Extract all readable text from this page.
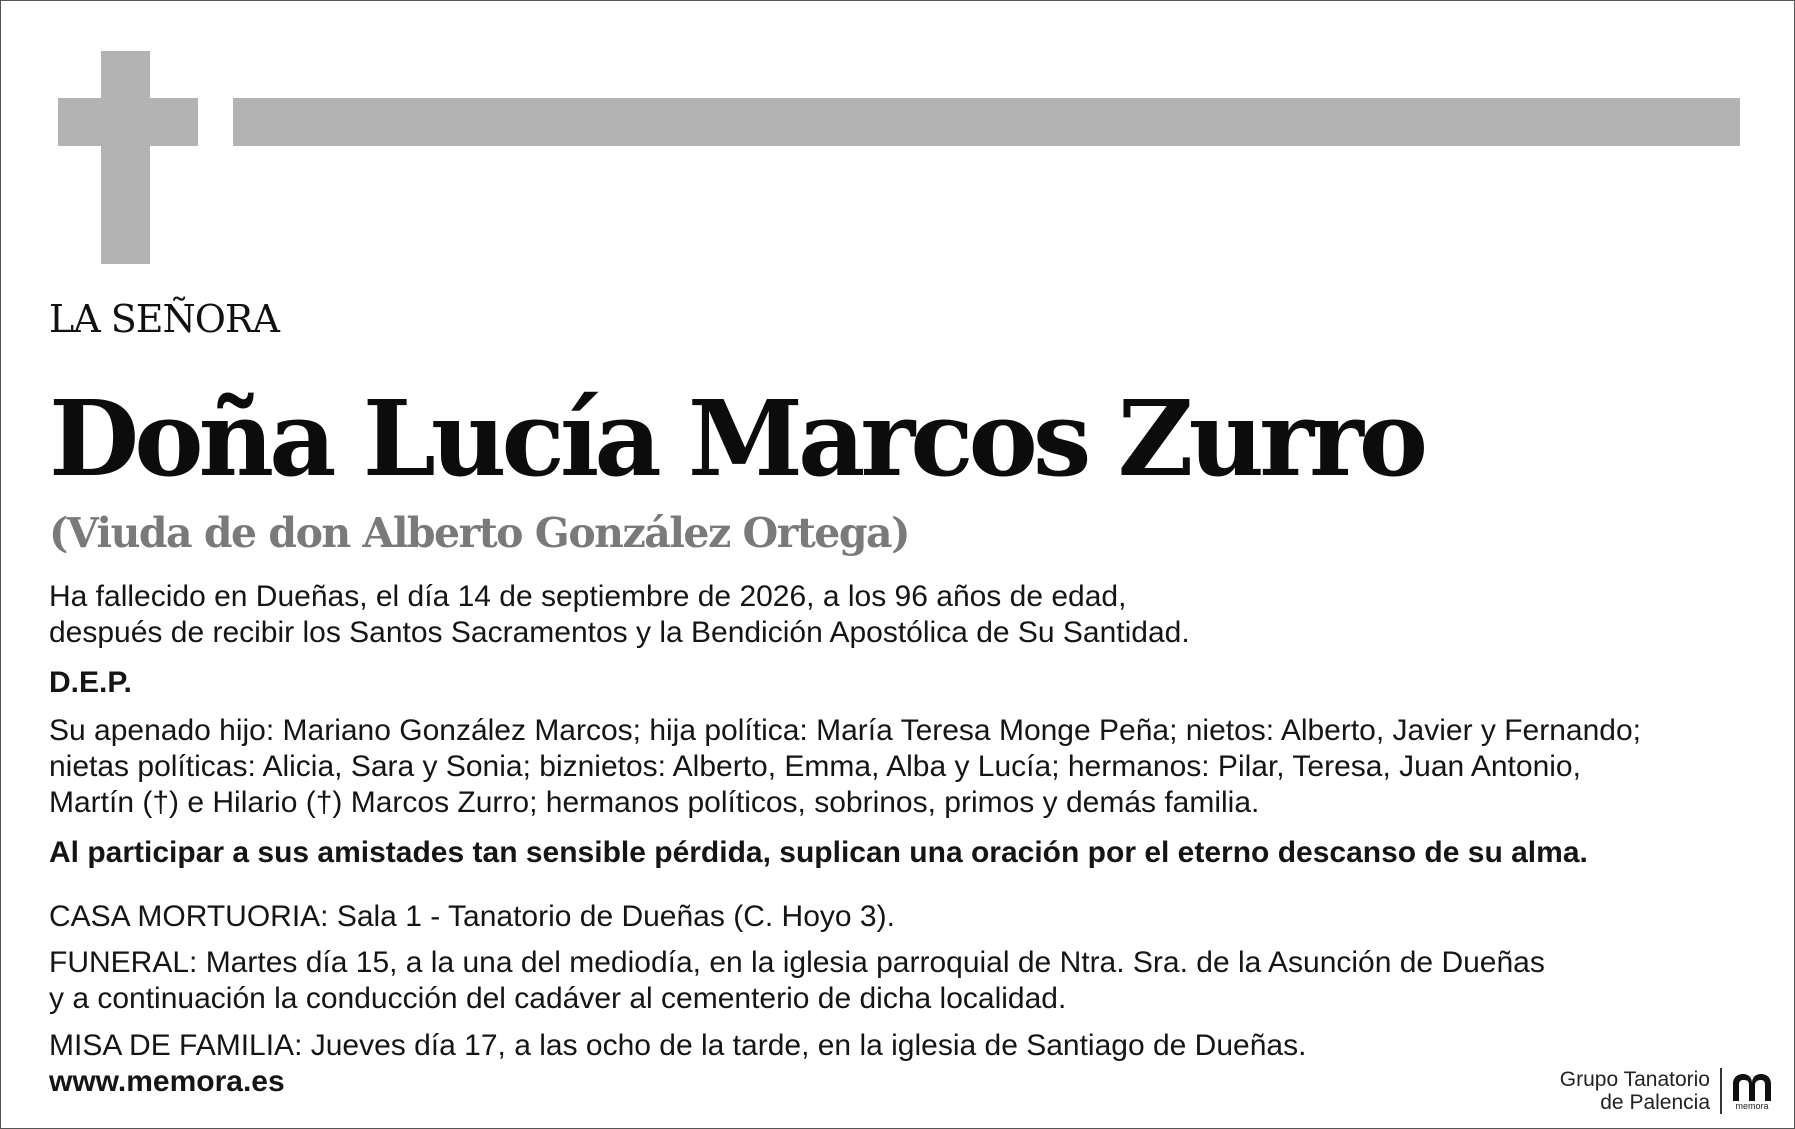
LA SEÑORA
Doña Lucía Marcos Zurro
(Viuda de don Alberto González Ortega)
Ha fallecido en Dueñas, el día 14 de septiembre de 2026, a los 96 años de edad,
después de recibir los Santos Sacramentos y la Bendición Apostólica de Su Santidad.
D.E.P.
Su apenado hijo: Mariano González Marcos; hija política: María Teresa Monge Peña; nietos: Alberto, Javier y Fernando;
nietas políticas: Alicia, Sara y Sonia; biznietos: Alberto, Emma, Alba y Lucía; hermanos: Pilar, Teresa, Juan Antonio,
Martín (†) e Hilario (†) Marcos Zurro; hermanos políticos, sobrinos, primos y demás familia.
Al participar a sus amistades tan sensible pérdida, suplican una oración por el eterno descanso de su alma.
CASA MORTUORIA: Sala 1 - Tanatorio de Dueñas (C. Hoyo 3).
FUNERAL: Martes día 15, a la una del mediodía, en la iglesia parroquial de Ntra. Sra. de la Asunción de Dueñas
y a continuación la conducción del cadáver al cementerio de dicha localidad.
MISA DE FAMILIA: Jueves día 17, a las ocho de la tarde, en la iglesia de Santiago de Dueñas.
www.memora.es	Grupo Tanatorio
de Palencia	memora
